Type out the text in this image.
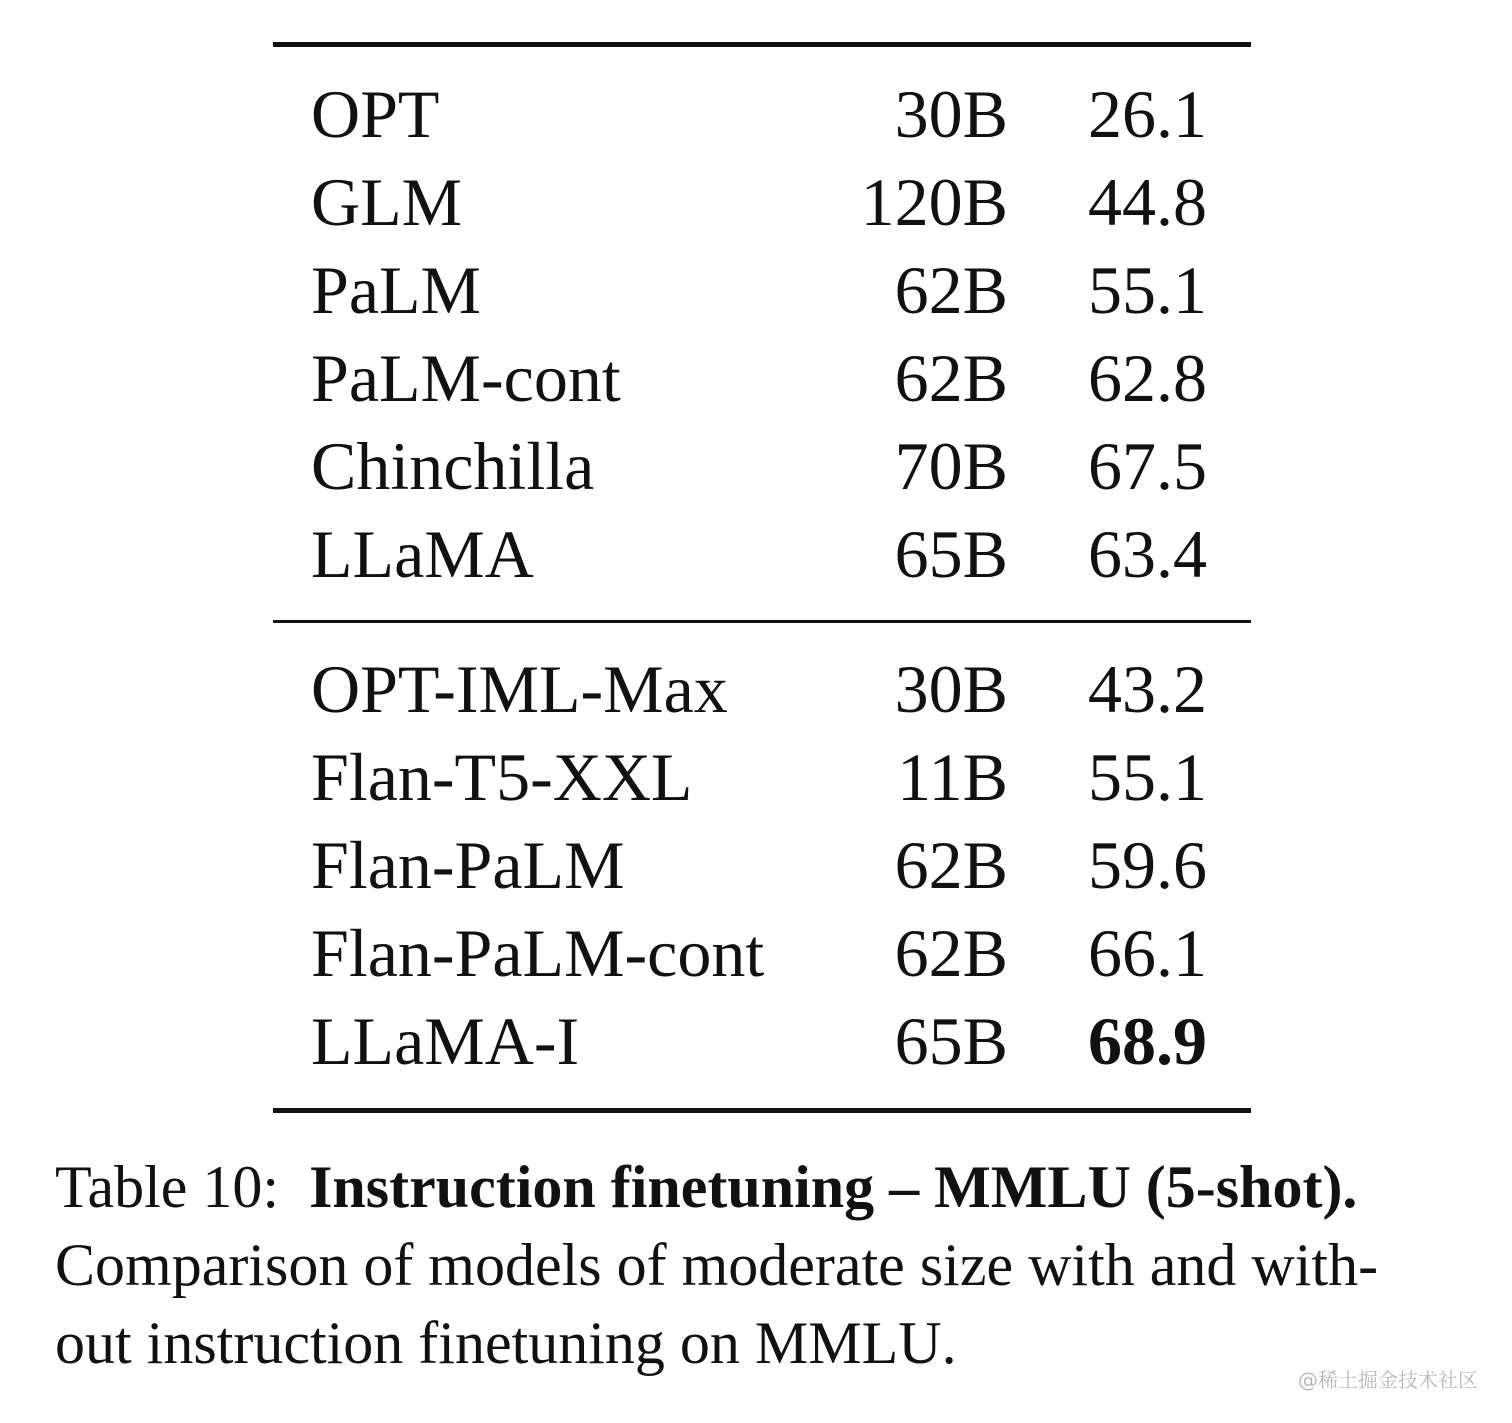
OPT	30B 26.1
GLM	120B 44.8
PaLM	62B 55.1
PaLM-cont	62B 62.8
Chinchilla	70B 67.5
LLaMA	65B 63.4
OPT-IML-Max 30B 43.2
Flan-T5-XXL	11B 55.1
Flan-PaLM	62B 59.6
Flan-PaLM-cont 62B 66.1
LLaMA-I	65B 68.9
Table 10: Instruction finetuning – MMLU (5-shot).
Comparison of models of moderate size with and with-
out instruction finetuning on MMLU.
@稀土掘金技术社区
